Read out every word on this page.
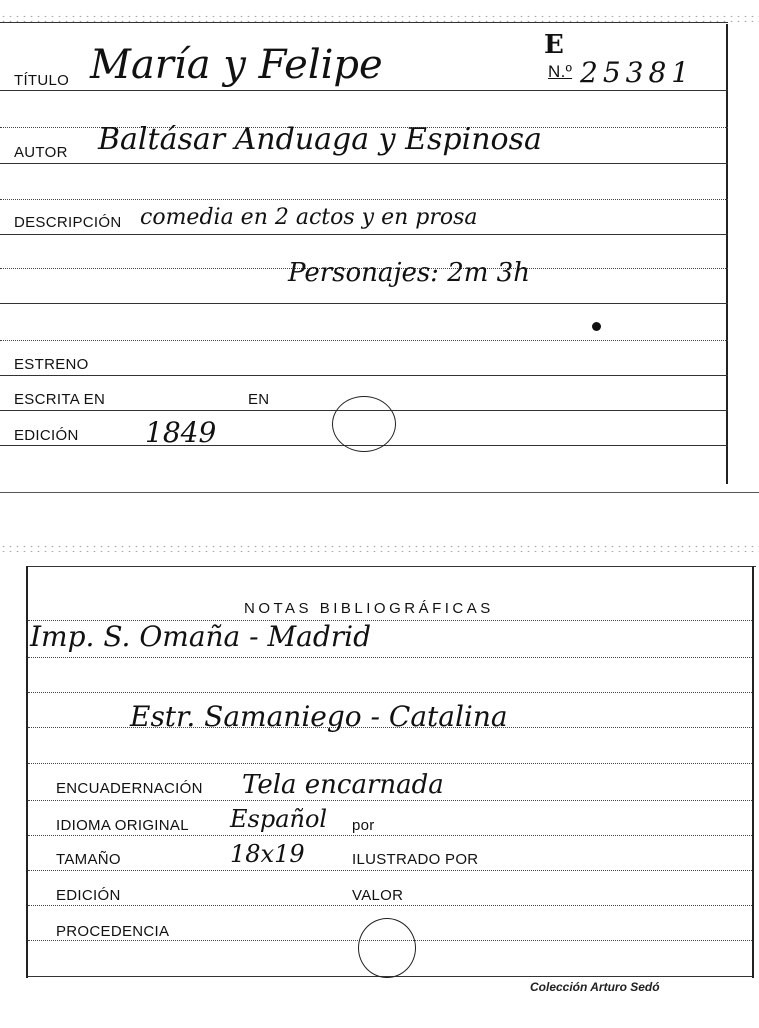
TÍTULO María y Felipe	E
N.º 25381
AUTOR Baltásar Anduaga y Espinosa
DESCRIPCIÓN comedia en 2 actos y en prosa
Personajes: 2m 3h
ESTRENO
ESCRITA EN	EN
EDICIÓN 1849
NOTAS BIBLIOGRÁFICAS
Imp. S. Omaña - Madrid
Estr. Samaniego - Catalina
ENCUADERNACIÓN Tela encarnada
IDIOMA ORIGINAL Español por
TAMAÑO	18x19	ILUSTRADO POR
EDICIÓN	VALOR
PROCEDENCIA
Colección Arturo Sedó
